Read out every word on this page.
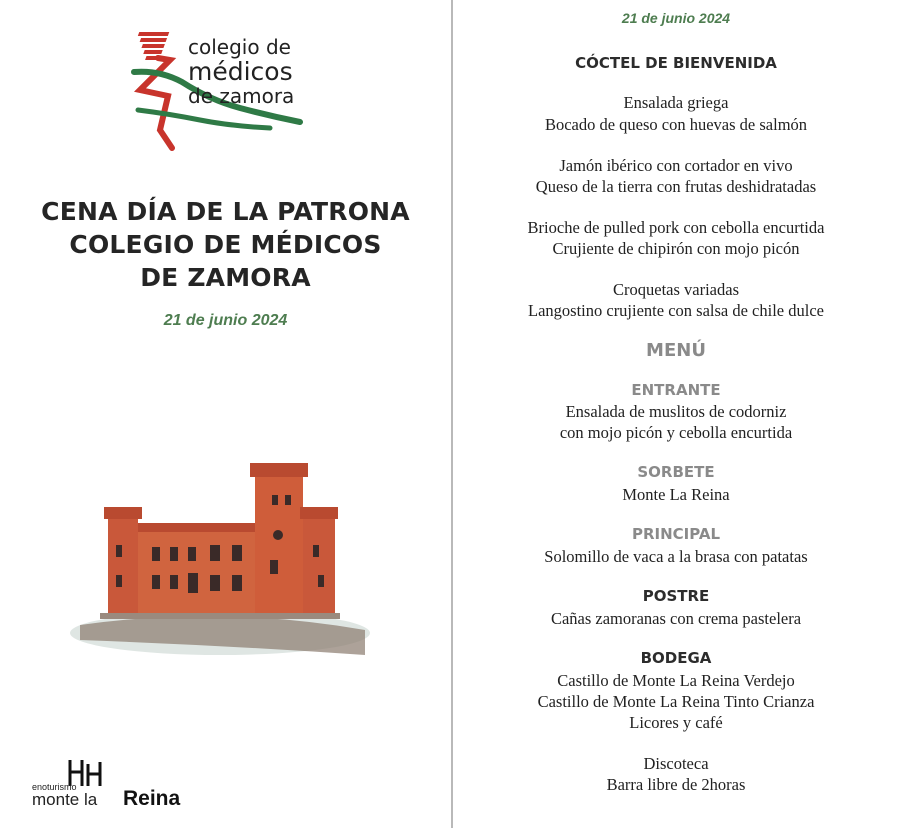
colegio de
médicos
de zamora
CENA DÍA DE LA PATRONA
COLEGIO DE MÉDICOS
DE ZAMORA
21 de junio 2024
enoturismo
monte la Reina
21 de junio 2024
CÓCTEL DE BIENVENIDA
Ensalada griega
Bocado de queso con huevas de salmón
Jamón ibérico con cortador en vivo
Queso de la tierra con frutas deshidratadas
Brioche de pulled pork con cebolla encurtida
Crujiente de chipirón con mojo picón
Croquetas variadas
Langostino crujiente con salsa de chile dulce
MENÚ
ENTRANTE
Ensalada de muslitos de codorniz
con mojo picón y cebolla encurtida
SORBETE
Monte La Reina
PRINCIPAL
Solomillo de vaca a la brasa con patatas
POSTRE
Cañas zamoranas con crema pastelera
BODEGA
Castillo de Monte La Reina Verdejo
Castillo de Monte La Reina Tinto Crianza
Licores y café
Discoteca
Barra libre de 2horas
